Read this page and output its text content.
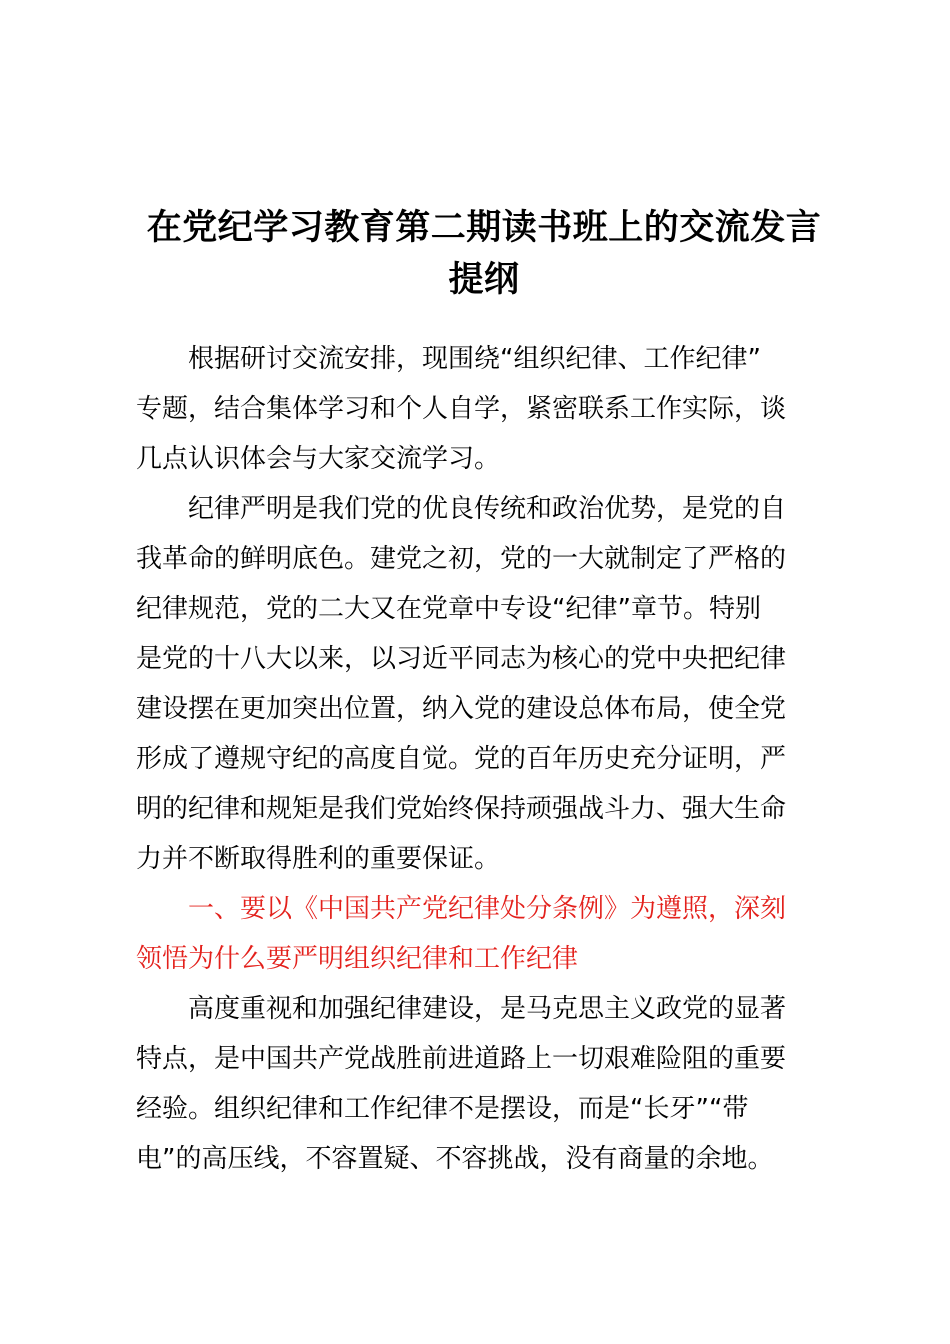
在党纪学习教育第二期读书班上的交流发言
提纲

根据研讨交流安排，现围绕“组织纪律、工作纪律”
专题，结合集体学习和个人自学，紧密联系工作实际，谈
几点认识体会与大家交流学习。

纪律严明是我们党的优良传统和政治优势，是党的自
我革命的鲜明底色。建党之初，党的一大就制定了严格的
纪律规范，党的二大又在党章中专设“纪律”章节。特别
是党的十八大以来，以习近平同志为核心的党中央把纪律
建设摆在更加突出位置，纳入党的建设总体布局，使全党
形成了遵规守纪的高度自觉。党的百年历史充分证明，严
明的纪律和规矩是我们党始终保持顽强战斗力、强大生命
力并不断取得胜利的重要保证。

一、要以《中国共产党纪律处分条例》为遵照，深刻
领悟为什么要严明组织纪律和工作纪律

高度重视和加强纪律建设，是马克思主义政党的显著
特点，是中国共产党战胜前进道路上一切艰难险阻的重要
经验。组织纪律和工作纪律不是摆设，而是“长牙”“带
电”的高压线，不容置疑、不容挑战，没有商量的余地。
